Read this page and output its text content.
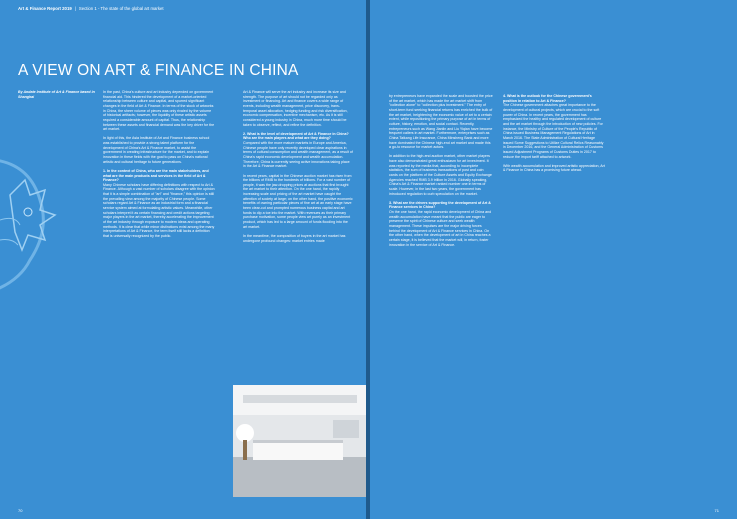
Art & Finance Report 2019 | Section 1 - The state of the global art market
A VIEW ON ART & FINANCE IN CHINA
By Andate Institute of Art & Finance based in Shanghai

In the past, China's culture and art industry depended on government financial aid. This hindered the development of a market-oriented relationship between culture and capital, and spurred significant changes in the field of Art & Finance. In terms of the stock of artworks in China, the sheer volume of pieces was only rivaled by the volume of historical artifacts; however, the liquidity of these artistic assets required a considerable amount of capital. Thus, the relationship between these assets and financial demand was the key driver for the art market.

In light of this, the Asia Institute of Art and Finance business school was established to provide a strong talent platform for the development of China's Art & Finance market, to assist the government in creating infrastructure for the market, and to explain innovation in these fields with the goal to pass on China's national artistic and cultural heritage to future generations.

1. In the context of China, who are the main stakeholders, and what are the main products and services in the field of Art & Finance?

Many Chinese scholars have differing definitions with respect to Art & Finance. Although a vast number of scholars disagree with the opinion that it is a simple combination of "art" and "finance," this opinion is still the prevailing view among the majority of Chinese people. Some scholars regard Art & Finance as an industrial form and a financial service system aimed at formulating artistic values. Meanwhile, other scholars interpret it as certain financing and credit actions targeting major players in the art market, thereby accelerating the improvement of the art industry through exposure to modern ideas and operating methods. It is clear that while minor distinctions exist among the many interpretations of Art & Finance, the term itself still lacks a definition that is universally recognized by the public.

Art & Finance will serve the art industry and increase its size and strength. The purpose of art should not be regarded only as investment or financing. Art and finance covers a wide range of events, including wealth management, price discovery, trans-temporal asset allocation, hedging funding and risk diversification, economic compensation, incentive mechanism, etc. As it is still considered a young industry in China, much more time should be taken to observe, reflect, and refine the definition.

2. What is the level of development of Art & Finance in China? Who are the main players and what are they doing?

Compared with the more mature markets in Europe and America, Chinese people have only recently developed clear aspirations in terms of cultural consumption and wealth management, as a result of China's rapid economic development and wealth accumulation. Therefore, China is currently seeing active innovations taking place in the Art & Finance market.

In recent years, capital in the Chinese auction market has risen from the billions of RMB to the hundreds of billions. For a vast number of people, it was the jaw-dropping prices at auctions that first brought the art market to their attention. On the one hand, the rapidly increasing scale and pricing of the art market have caught the attention of society at large; on the other hand, the positive economic benefits of owning particular pieces of fine art at an early stage have been clear-cut and prompted numerous business capital and art funds to dip a toe into the market. With revenues as their primary purchase motivation, some people view art purely as an investment product, which has led to a large amount of funds flooding into the art market.

In the meantime, the composition of buyers in the art market has undergone profound changes: market entries made

70

by entrepreneurs have expanded the scale and boosted the price of the art market, which has made the art market shift from "collection alone" to "collection plus investment." The entry of short-term fund seeking financial returns has enriched the bulk of the art market, heightening the economic value of art to a certain extent, while repositioning the primary purpose of art in terms of culture, history, emotion, and social contact. Recently, entrepreneurs such as Wang Jianlin and Liu Yiqian have become frequent callers in art market. Furthermore, enterprises such as China Taikang Life Insurance, China Minsheng Bank and more have dominated the Chinese high-end art market and made this a go-to resource for market actors.

In addition to the high-end auction market, other market players have also demonstrated great enthusiasm for art investment. It was reported by the media that, according to incomplete statistics, the sum of business transactions of post and coin cards on the platform of the Culture Assets and Equity Exchange Agencies reached RMB 3.9 trillion in 2016. Globally speaking, China's Art & Finance market ranked number one in terms of scale. However, in the last two years, the government has introduced regulation to curb speculation on the market.

3. What are the drivers supporting the development of Art & Finance services in China?

On the one hand, the rapid economic development of China and wealth accumulation have meant that the public are eager to preserve the spirit of Chinese culture and seek wealth management. These impulses are the major driving forces behind the development of Art & Finance services in China. On the other hand, when the development of art in China reaches a certain stage, it is believed that the market will, in return, foster innovation in the service of Art & Finance.

4. What is the outlook for the Chinese government's position in relation to Art & Finance?

The Chinese government attaches great importance to the development of cultural projects, which are crucial to the soft power of China. In recent years, the government has emphasized the healthy and regulated development of culture and the art market through the introduction of new policies. For instance, the Ministry of Culture of the People's Republic of China issued Business Management Regulations of Art in March 2016. The State Administration of Cultural Heritage issued Some Suggestions to Utilize Cultural Relics Reasonably in December 2016, and the General Administration of Customs issued Adjustment Programs of Customs Duties in 2017 to reduce the import tariff attached to artwork.

With wealth accumulation and improved artistic appreciation, Art & Finance in China has a promising future ahead.

71
